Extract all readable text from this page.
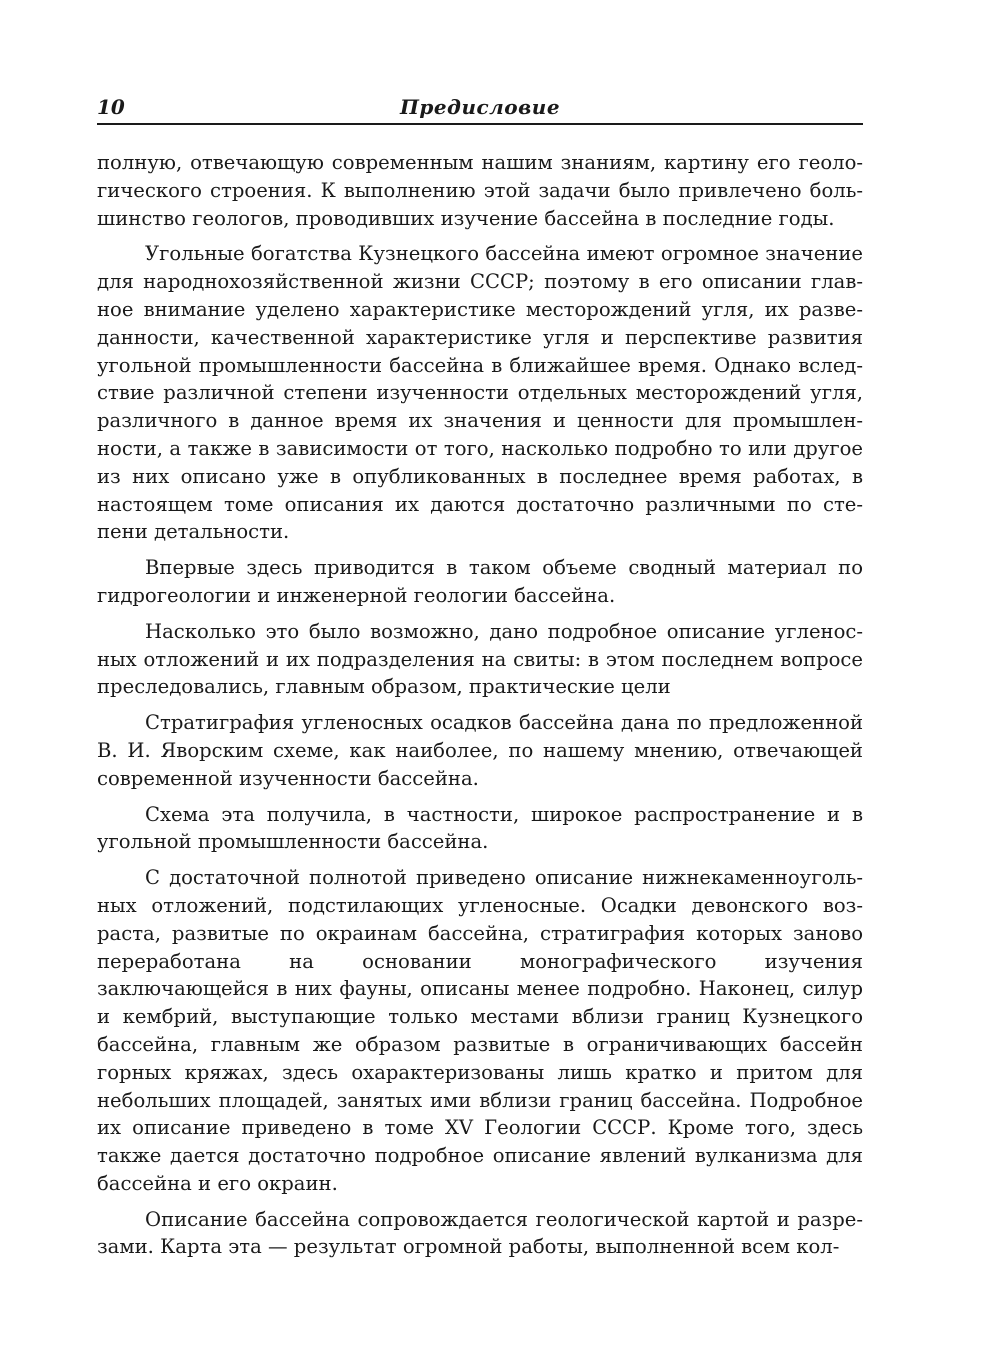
10	Предисловие

полную, отвечающую современным нашим знаниям, картину его геологического строения. К выполнению этой задачи было привлечено большинство геологов, проводивших изучение бассейна в последние годы.

Угольные богатства Кузнецкого бассейна имеют огромное значение для народнохозяйственной жизни СССР; поэтому в его описании главное внимание уделено характеристике месторождений угля, их разведанности, качественной характеристике угля и перспективе развития угольной промышленности бассейна в ближайшее время. Однако вследствие различной степени изученности отдельных месторождений угля, различного в данное время их значения и ценности для промышленности, а также в зависимости от того, насколько подробно то или другое из них описано уже в опубликованных в последнее время работах, в настоящем томе описания их даются достаточно различными по степени детальности.

Впервые здесь приводится в таком объеме сводный материал по гидрогеологии и инженерной геологии бассейна.

Насколько это было возможно, дано подробное описание угленосных отложений и их подразделения на свиты: в этом последнем вопросе преследовались, главным образом, практические цели

Стратиграфия угленосных осадков бассейна дана по предложенной В. И. Яворским схеме, как наиболее, по нашему мнению, отвечающей современной изученности бассейна.

Схема эта получила, в частности, широкое распространение и в угольной промышленности бассейна.

С достаточной полнотой приведено описание нижнекаменноугольных отложений, подстилающих угленосные. Осадки девонского возраста, развитые по окраинам бассейна, стратиграфия которых заново переработана на основании монографического изучения заключающейся в них фауны, описаны менее подробно. Наконец, силур и кембрий, выступающие только местами вблизи границ Кузнецкого бассейна, главным же образом развитые в ограничивающих бассейн горных кряжах, здесь охарактеризованы лишь кратко и притом для небольших площадей, занятых ими вблизи границ бассейна. Подробное их описание приведено в томе XV Геологии СССР. Кроме того, здесь также дается достаточно подробное описание явлений вулканизма для бассейна и его окраин.

Описание бассейна сопровождается геологической картой и разрезами. Карта эта — результат огромной работы, выполненной всем кол-
